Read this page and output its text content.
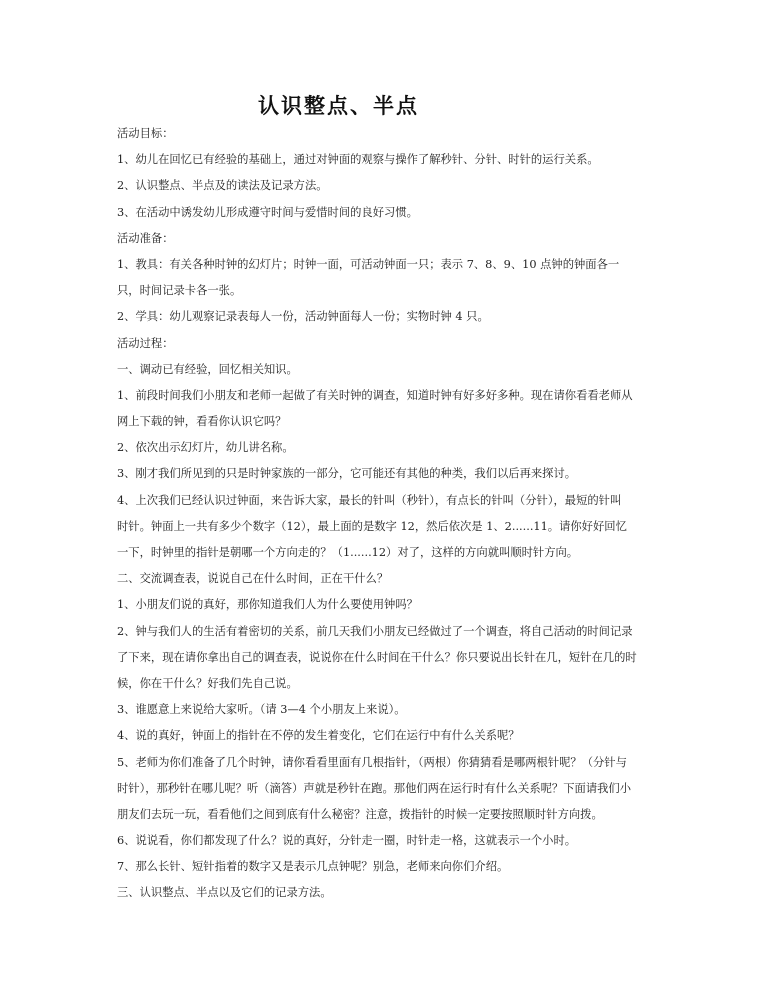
认识整点、半点
活动目标：
1、幼儿在回忆已有经验的基础上，通过对钟面的观察与操作了解秒针、分针、时针的运行关系。
2、认识整点、半点及的读法及记录方法。
3、在活动中诱发幼儿形成遵守时间与爱惜时间的良好习惯。
活动准备：
1、教具：有关各种时钟的幻灯片；时钟一面，可活动钟面一只；表示 7、8、9、10 点钟的钟面各一
只，时间记录卡各一张。
2、学具：幼儿观察记录表每人一份，活动钟面每人一份；实物时钟 4 只。
活动过程：
一、调动已有经验，回忆相关知识。
1、前段时间我们小朋友和老师一起做了有关时钟的调查，知道时钟有好多好多种。现在请你看看老师从
网上下载的钟，看看你认识它吗？
2、依次出示幻灯片，幼儿讲名称。
3、刚才我们所见到的只是时钟家族的一部分，它可能还有其他的种类，我们以后再来探讨。
4、上次我们已经认识过钟面，来告诉大家，最长的针叫（秒针），有点长的针叫（分针），最短的针叫
时针。钟面上一共有多少个数字（12），最上面的是数字 12，然后依次是 1、2......11。请你好好回忆
一下，时钟里的指针是朝哪一个方向走的？（1......12）对了，这样的方向就叫顺时针方向。
二、交流调查表，说说自己在什么时间，正在干什么？
1、小朋友们说的真好，那你知道我们人为什么要使用钟吗？
2、钟与我们人的生活有着密切的关系，前几天我们小朋友已经做过了一个调查，将自己活动的时间记录
了下来，现在请你拿出自己的调查表，说说你在什么时间在干什么？你只要说出长针在几，短针在几的时
候，你在干什么？好我们先自己说。
3、谁愿意上来说给大家听。（请 3—4 个小朋友上来说）。
4、说的真好，钟面上的指针在不停的发生着变化，它们在运行中有什么关系呢？
5、老师为你们准备了几个时钟，请你看看里面有几根指针，（两根）你猜猜看是哪两根针呢？（分针与
时针），那秒针在哪儿呢？听（滴答）声就是秒针在跑。那他们两在运行时有什么关系呢？下面请我们小
朋友们去玩一玩，看看他们之间到底有什么秘密？注意，拨指针的时候一定要按照顺时针方向拨。
6、说说看，你们都发现了什么？说的真好，分针走一圈，时针走一格，这就表示一个小时。
7、那么长针、短针指着的数字又是表示几点钟呢？别急，老师来向你们介绍。
三、认识整点、半点以及它们的记录方法。
